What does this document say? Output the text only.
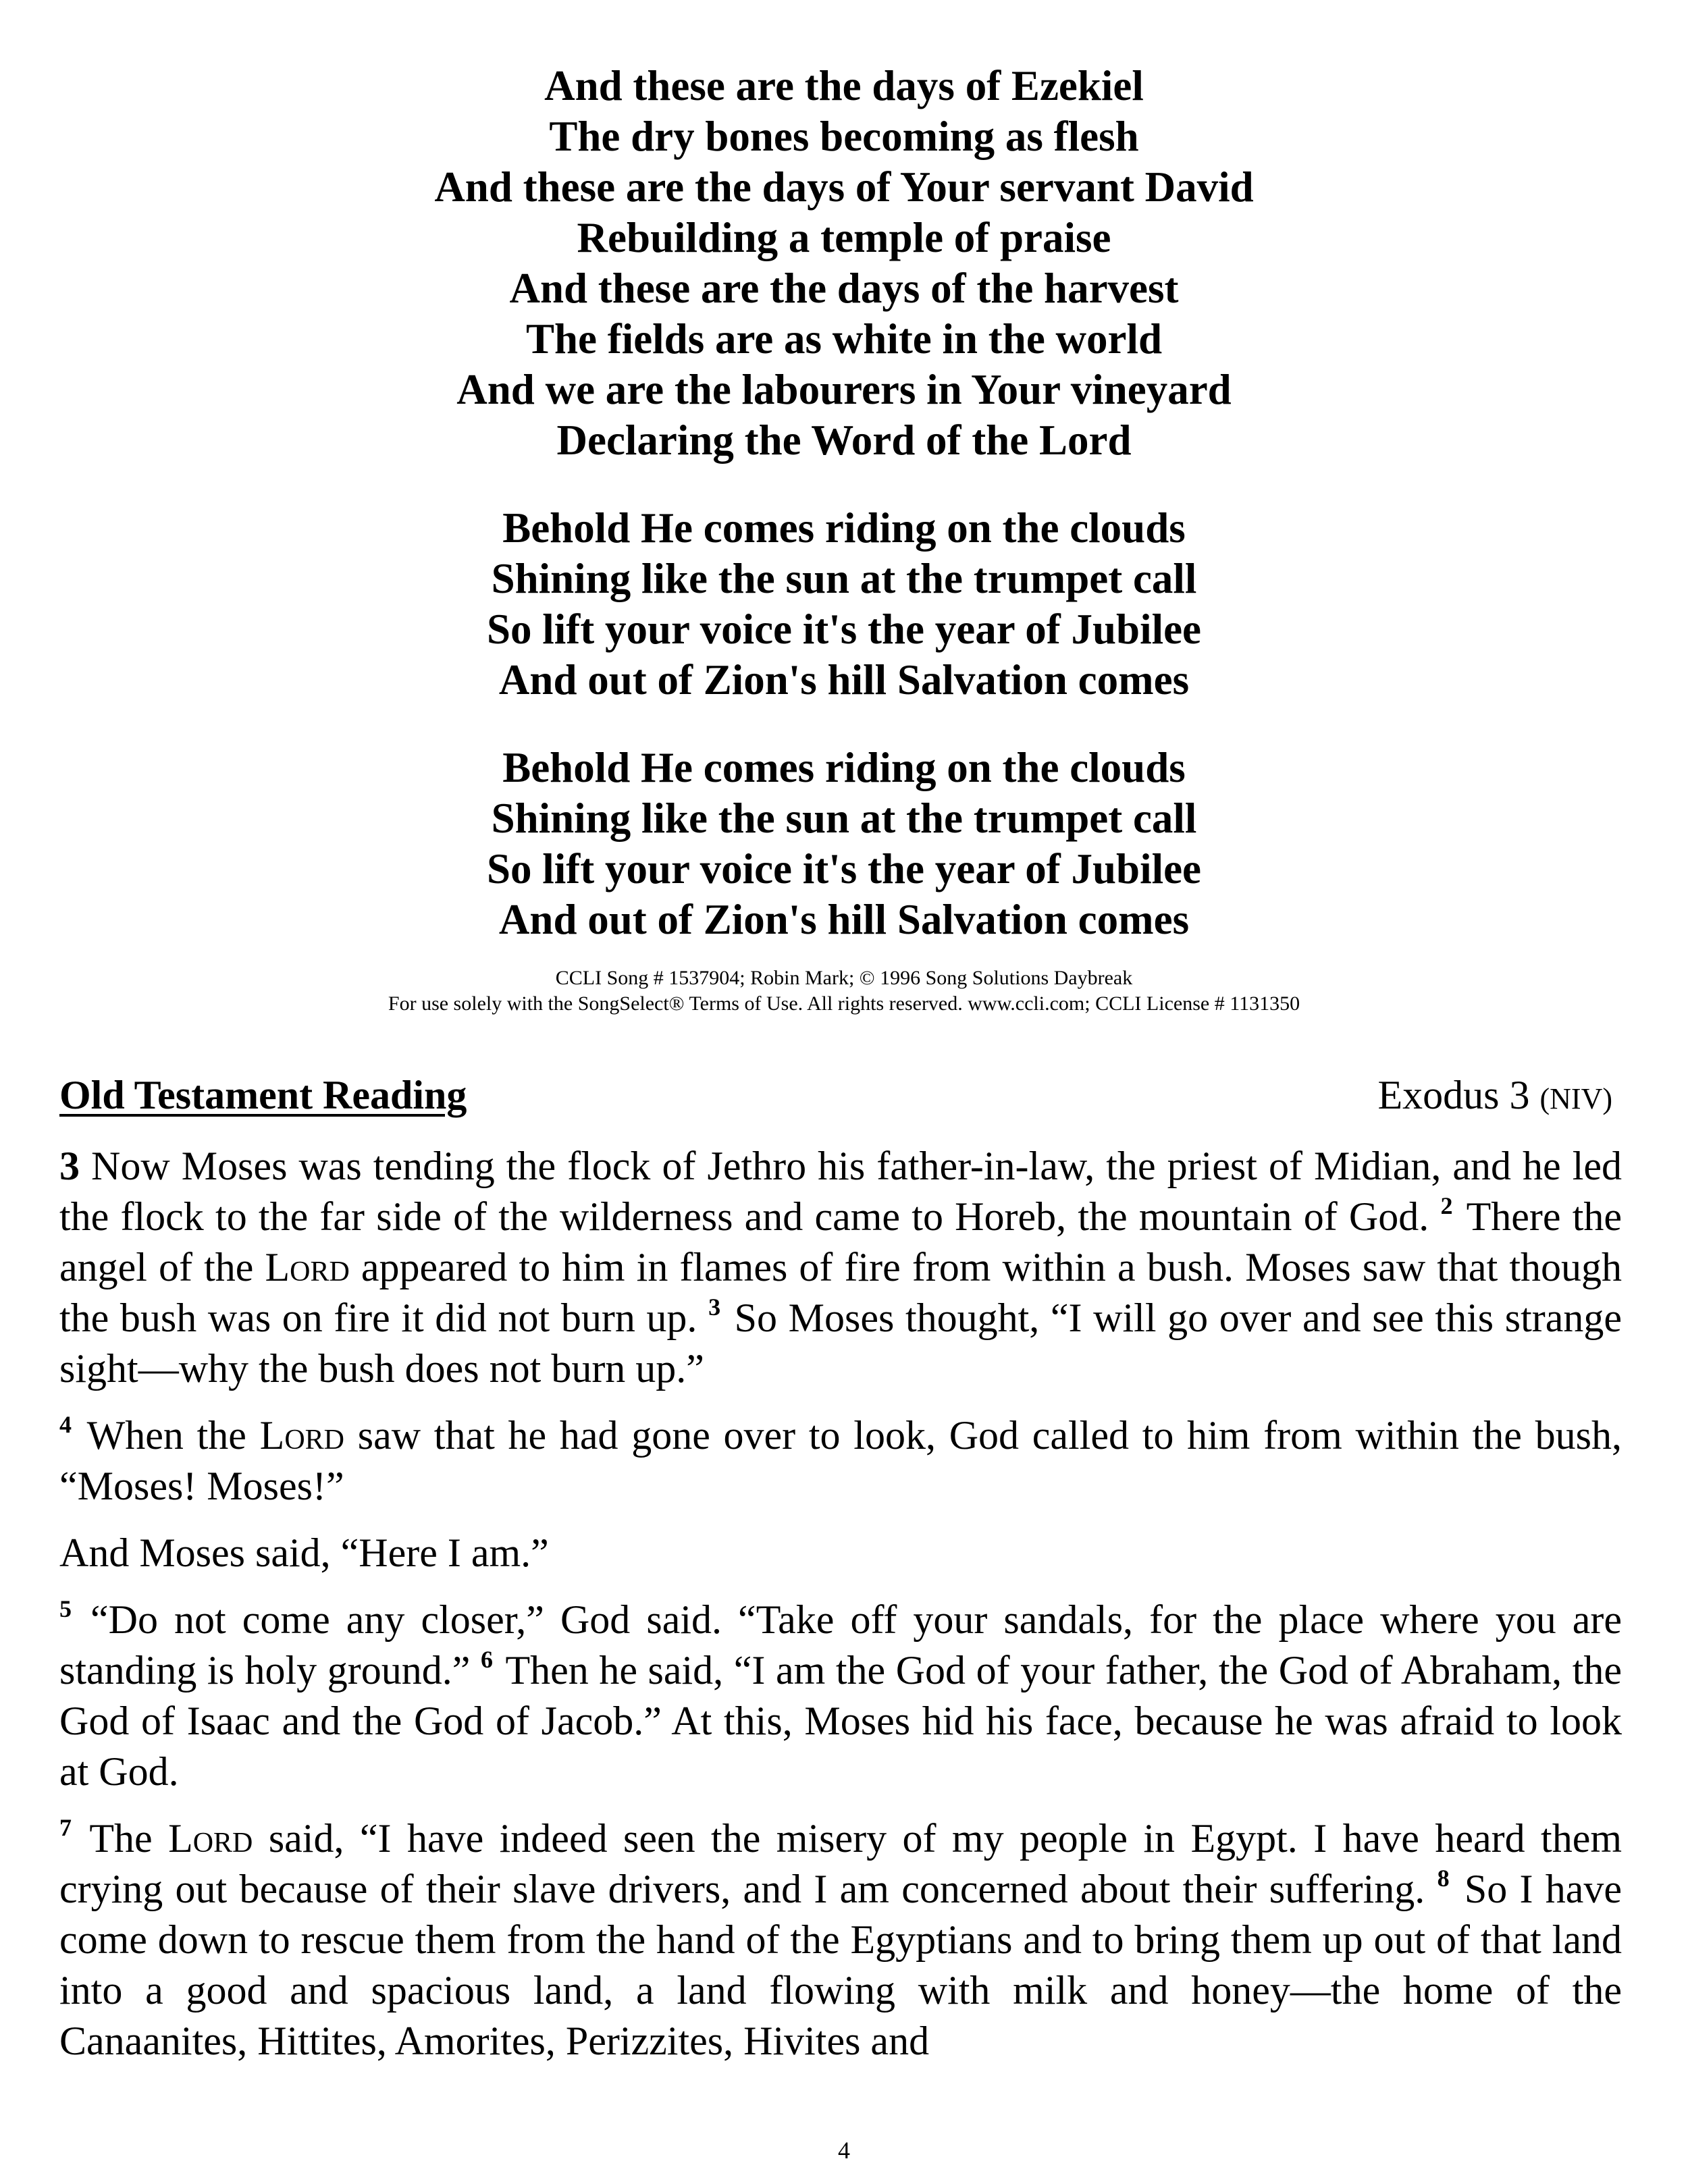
And these are the days of Ezekiel
The dry bones becoming as flesh
And these are the days of Your servant David
Rebuilding a temple of praise
And these are the days of the harvest
The fields are as white in the world
And we are the labourers in Your vineyard
Declaring the Word of the Lord
Behold He comes riding on the clouds
Shining like the sun at the trumpet call
So lift your voice it's the year of Jubilee
And out of Zion's hill Salvation comes
Behold He comes riding on the clouds
Shining like the sun at the trumpet call
So lift your voice it's the year of Jubilee
And out of Zion's hill Salvation comes
CCLI Song # 1537904; Robin Mark; © 1996 Song Solutions Daybreak
For use solely with the SongSelect® Terms of Use. All rights reserved. www.ccli.com; CCLI License # 1131350
Old Testament Reading	Exodus 3 (NIV)

3 Now Moses was tending the flock of Jethro his father-in-law, the priest of Midian, and he led the flock to the far side of the wilderness and came to Horeb, the mountain of God. $^2$ There the angel of the Lord appeared to him in flames of fire from within a bush. Moses saw that though the bush was on fire it did not burn up. $^3$ So Moses thought, “I will go over and see this strange sight—why the bush does not burn up.”

$^4$ When the Lord saw that he had gone over to look, God called to him from within the bush, “Moses! Moses!”

And Moses said, “Here I am.”

$^5$ “Do not come any closer,” God said. “Take off your sandals, for the place where you are standing is holy ground.” $^6$ Then he said, “I am the God of your father, the God of Abraham, the God of Isaac and the God of Jacob.” At this, Moses hid his face, because he was afraid to look at God.

$^7$ The Lord said, “I have indeed seen the misery of my people in Egypt. I have heard them crying out because of their slave drivers, and I am concerned about their suffering. $^8$ So I have come down to rescue them from the hand of the Egyptians and to bring them up out of that land into a good and spacious land, a land flowing with milk and honey—the home of the Canaanites, Hittites, Amorites, Perizzites, Hivites and

4
